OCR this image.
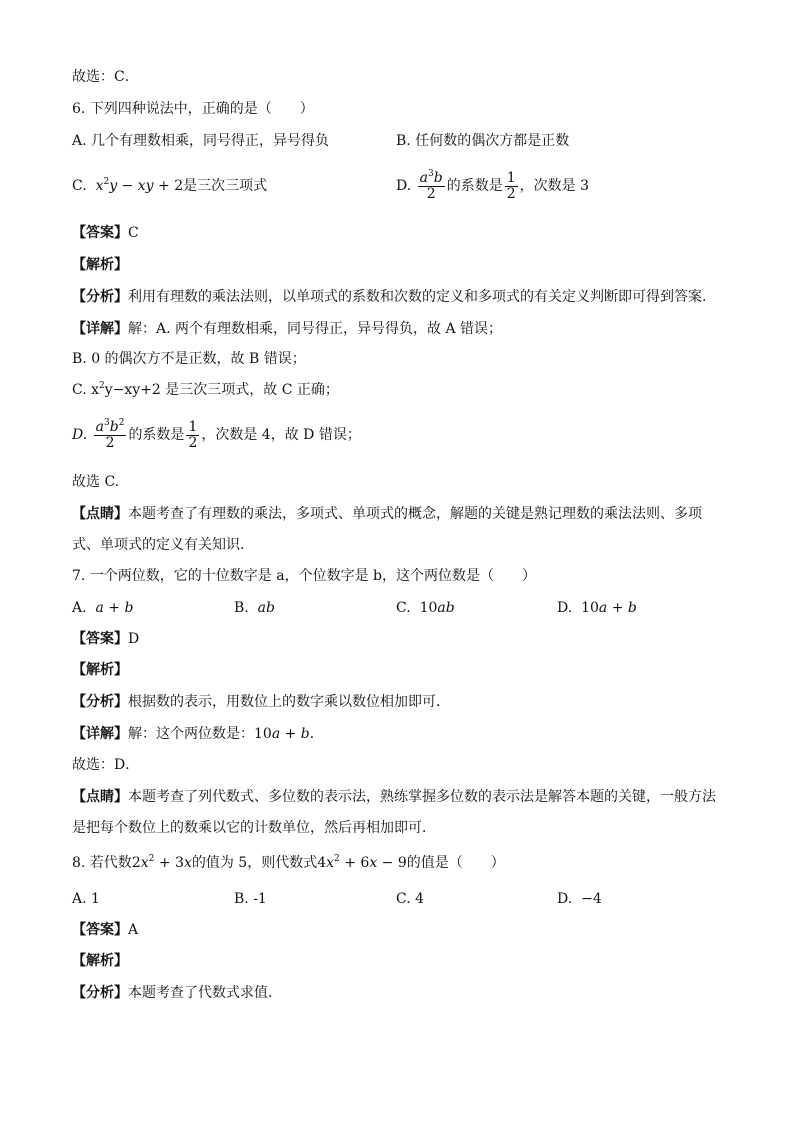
故选：C．
6. 下列四种说法中，正确的是（　　）
A. 几个有理数相乘，同号得正，异号得负	B. 任何数的偶次方都是正数
C. $x^2y$ − xy + 2是三次三项式	D. $\frac{a^3b}{2}$ 的系数是 $\frac{1}{2}$ ，次数是 3
【答案】C
【解析】
【分析】利用有理数的乘法法则，以单项式的系数和次数的定义和多项式的有关定义判断即可得到答案.
【详解】解：A. 两个有理数相乘，同号得正，异号得负，故 A 错误；
B. 0 的偶次方不是正数，故 B 错误；
C. $x^2y-xy+2$ 是三次三项式，故 C 正确；
D. $\frac{a^3b^2}{2}$ 的系数是 $\frac{1}{2}$ ，次数是 4，故 D 错误；
故选 C.
【点睛】本题考查了有理数的乘法，多项式、单项式的概念，解题的关键是熟记理数的乘法法则、多项
式、单项式的定义有关知识.
7. 一个两位数，它的十位数字是 a，个位数字是 b，这个两位数是（　　）
A. a + b	B. ab	C. 10ab	D. 10a + b
【答案】D
【解析】
【分析】根据数的表示，用数位上的数字乘以数位相加即可．
【详解】解：这个两位数是：10a + b．
故选：D．
【点睛】本题考查了列代数式、多位数的表示法，熟练掌握多位数的表示法是解答本题的关键，一般方法
是把每个数位上的数乘以它的计数单位，然后再相加即可．
8. 若代数$2x^2 + 3x$的值为 5，则代数式$4x^2 + 6x - 9$的值是（　　）
A. 1	B. -1	C. 4	D. −4
【答案】A
【解析】
【分析】本题考查了代数式求值．
